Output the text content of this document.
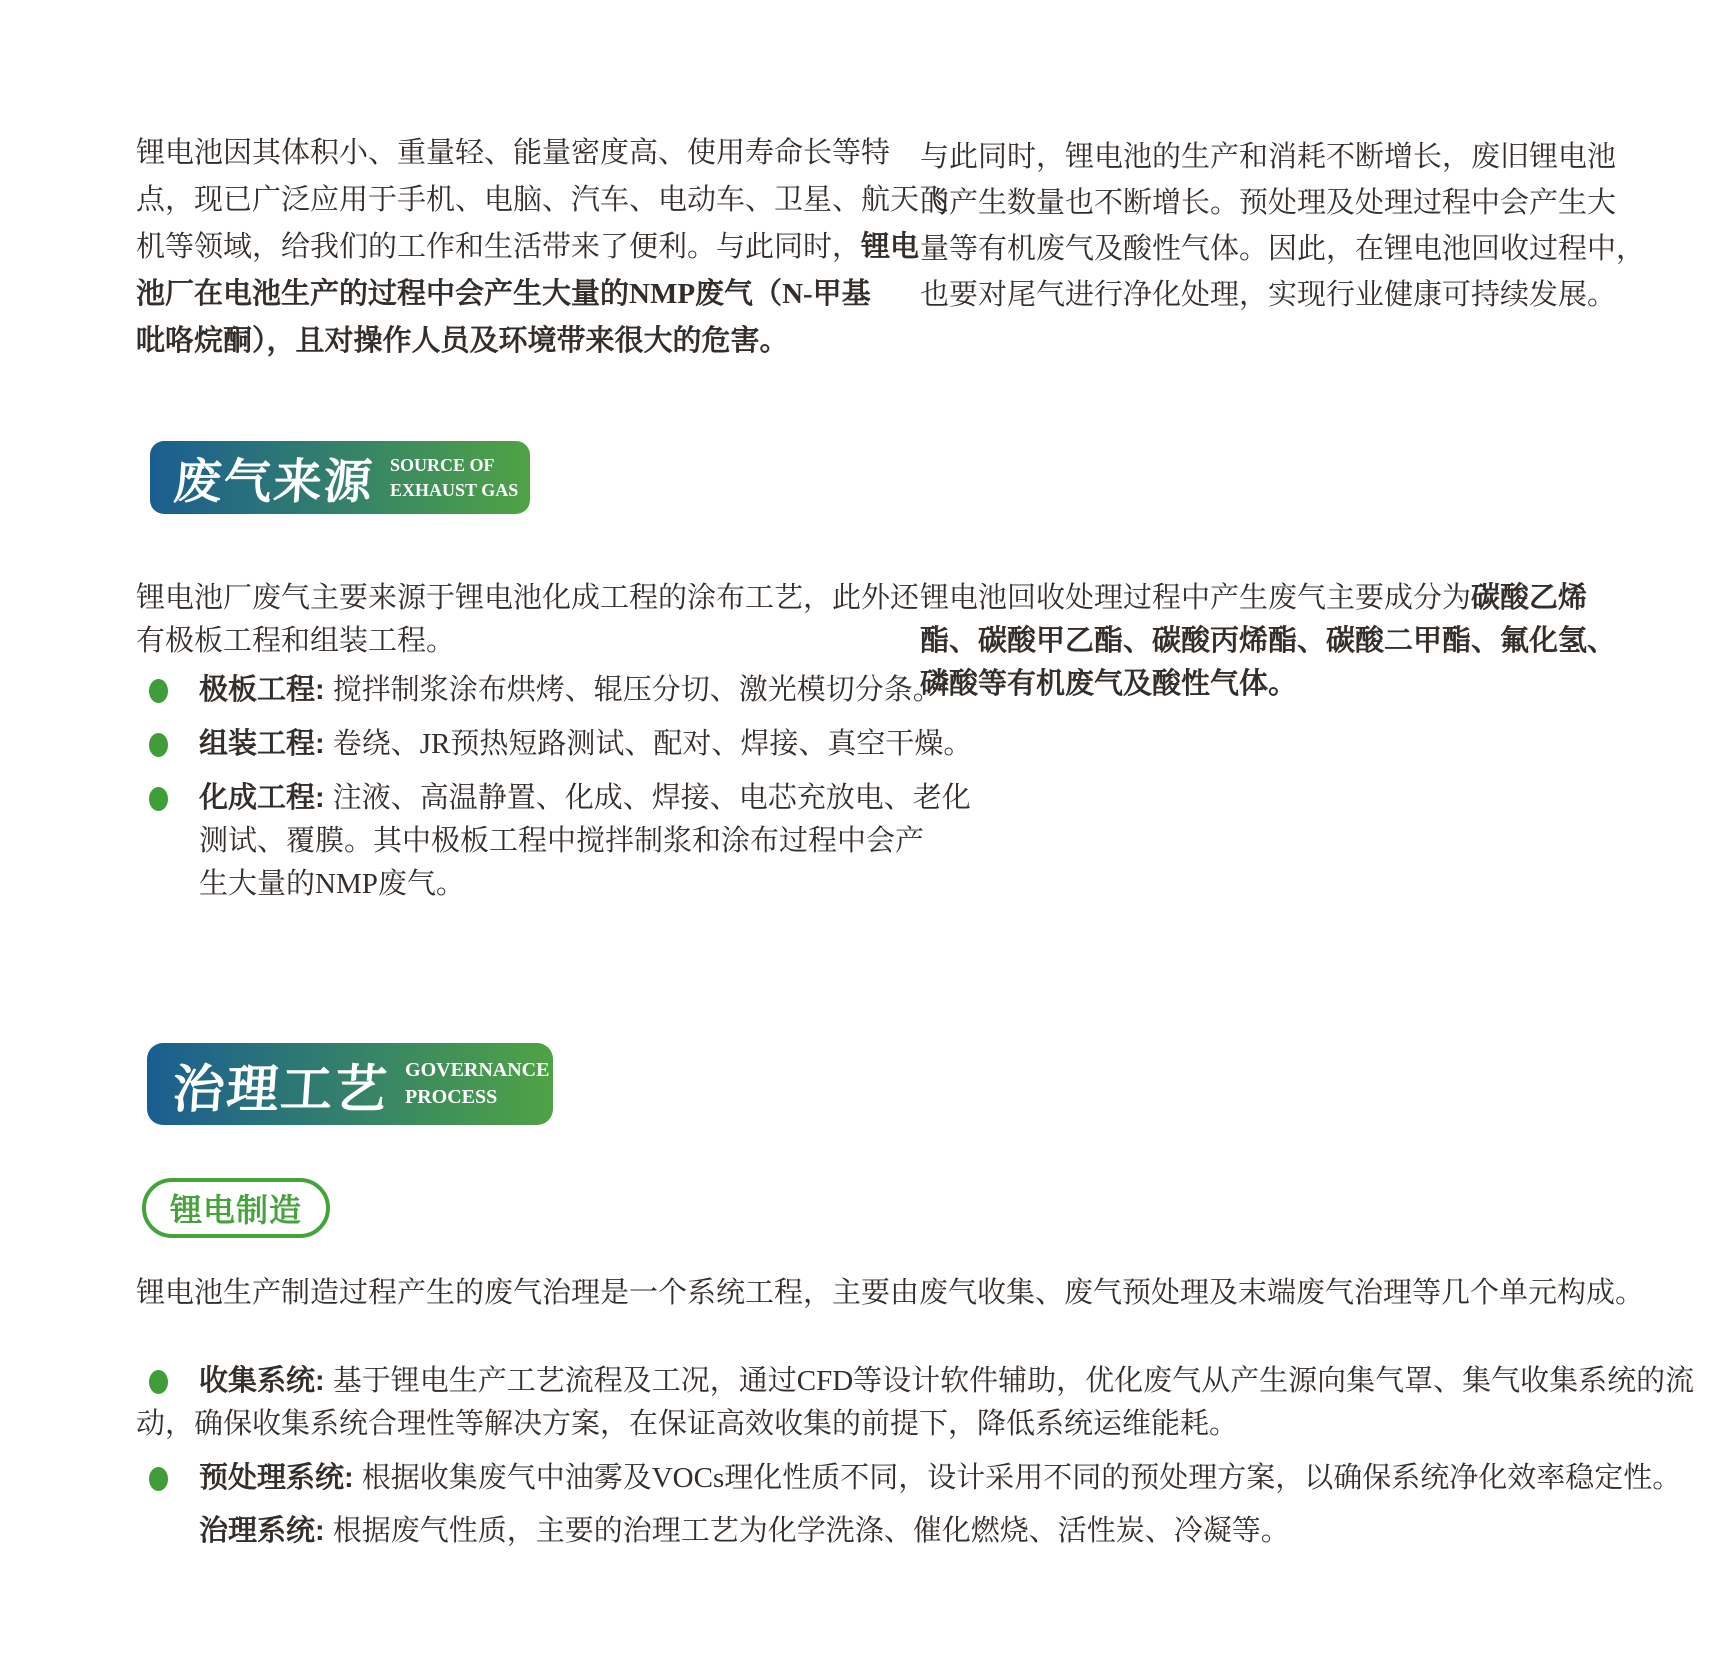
锂电池因其体积小、重量轻、能量密度高、使用寿命长等特
点，现已广泛应用于手机、电脑、汽车、电动车、卫星、航天飞
机等领域，给我们的工作和生活带来了便利。与此同时，锂电
池厂在电池生产的过程中会产生大量的NMP废气（N-甲基
吡咯烷酮），且对操作人员及环境带来很大的危害。
与此同时，锂电池的生产和消耗不断增长，废旧锂电池
的产生数量也不断增长。预处理及处理过程中会产生大
量等有机废气及酸性气体。因此，在锂电池回收过程中，
也要对尾气进行净化处理，实现行业健康可持续发展。
废气来源 SOURCE OF
EXHAUST GAS
锂电池厂废气主要来源于锂电池化成工程的涂布工艺，此外还
有极板工程和组装工程。
极板工程: 搅拌制浆涂布烘烤、辊压分切、激光模切分条。
组装工程: 卷绕、JR预热短路测试、配对、焊接、真空干燥。
化成工程: 注液、高温静置、化成、焊接、电芯充放电、老化
测试、覆膜。其中极板工程中搅拌制浆和涂布过程中会产
生大量的NMP废气。
锂电池回收处理过程中产生废气主要成分为碳酸乙烯
酯、碳酸甲乙酯、碳酸丙烯酯、碳酸二甲酯、氟化氢、
磷酸等有机废气及酸性气体。
治理工艺 GOVERNANCE
PROCESS
锂电制造
锂电池生产制造过程产生的废气治理是一个系统工程，主要由废气收集、废气预处理及末端废气治理等几个单元构成。
收集系统: 基于锂电生产工艺流程及工况，通过CFD等设计软件辅助，优化废气从产生源向集气罩、集气收集系统的流
动，确保收集系统合理性等解决方案，在保证高效收集的前提下，降低系统运维能耗。
预处理系统: 根据收集废气中油雾及VOCs理化性质不同，设计采用不同的预处理方案，以确保系统净化效率稳定性。
治理系统: 根据废气性质，主要的治理工艺为化学洗涤、催化燃烧、活性炭、冷凝等。
